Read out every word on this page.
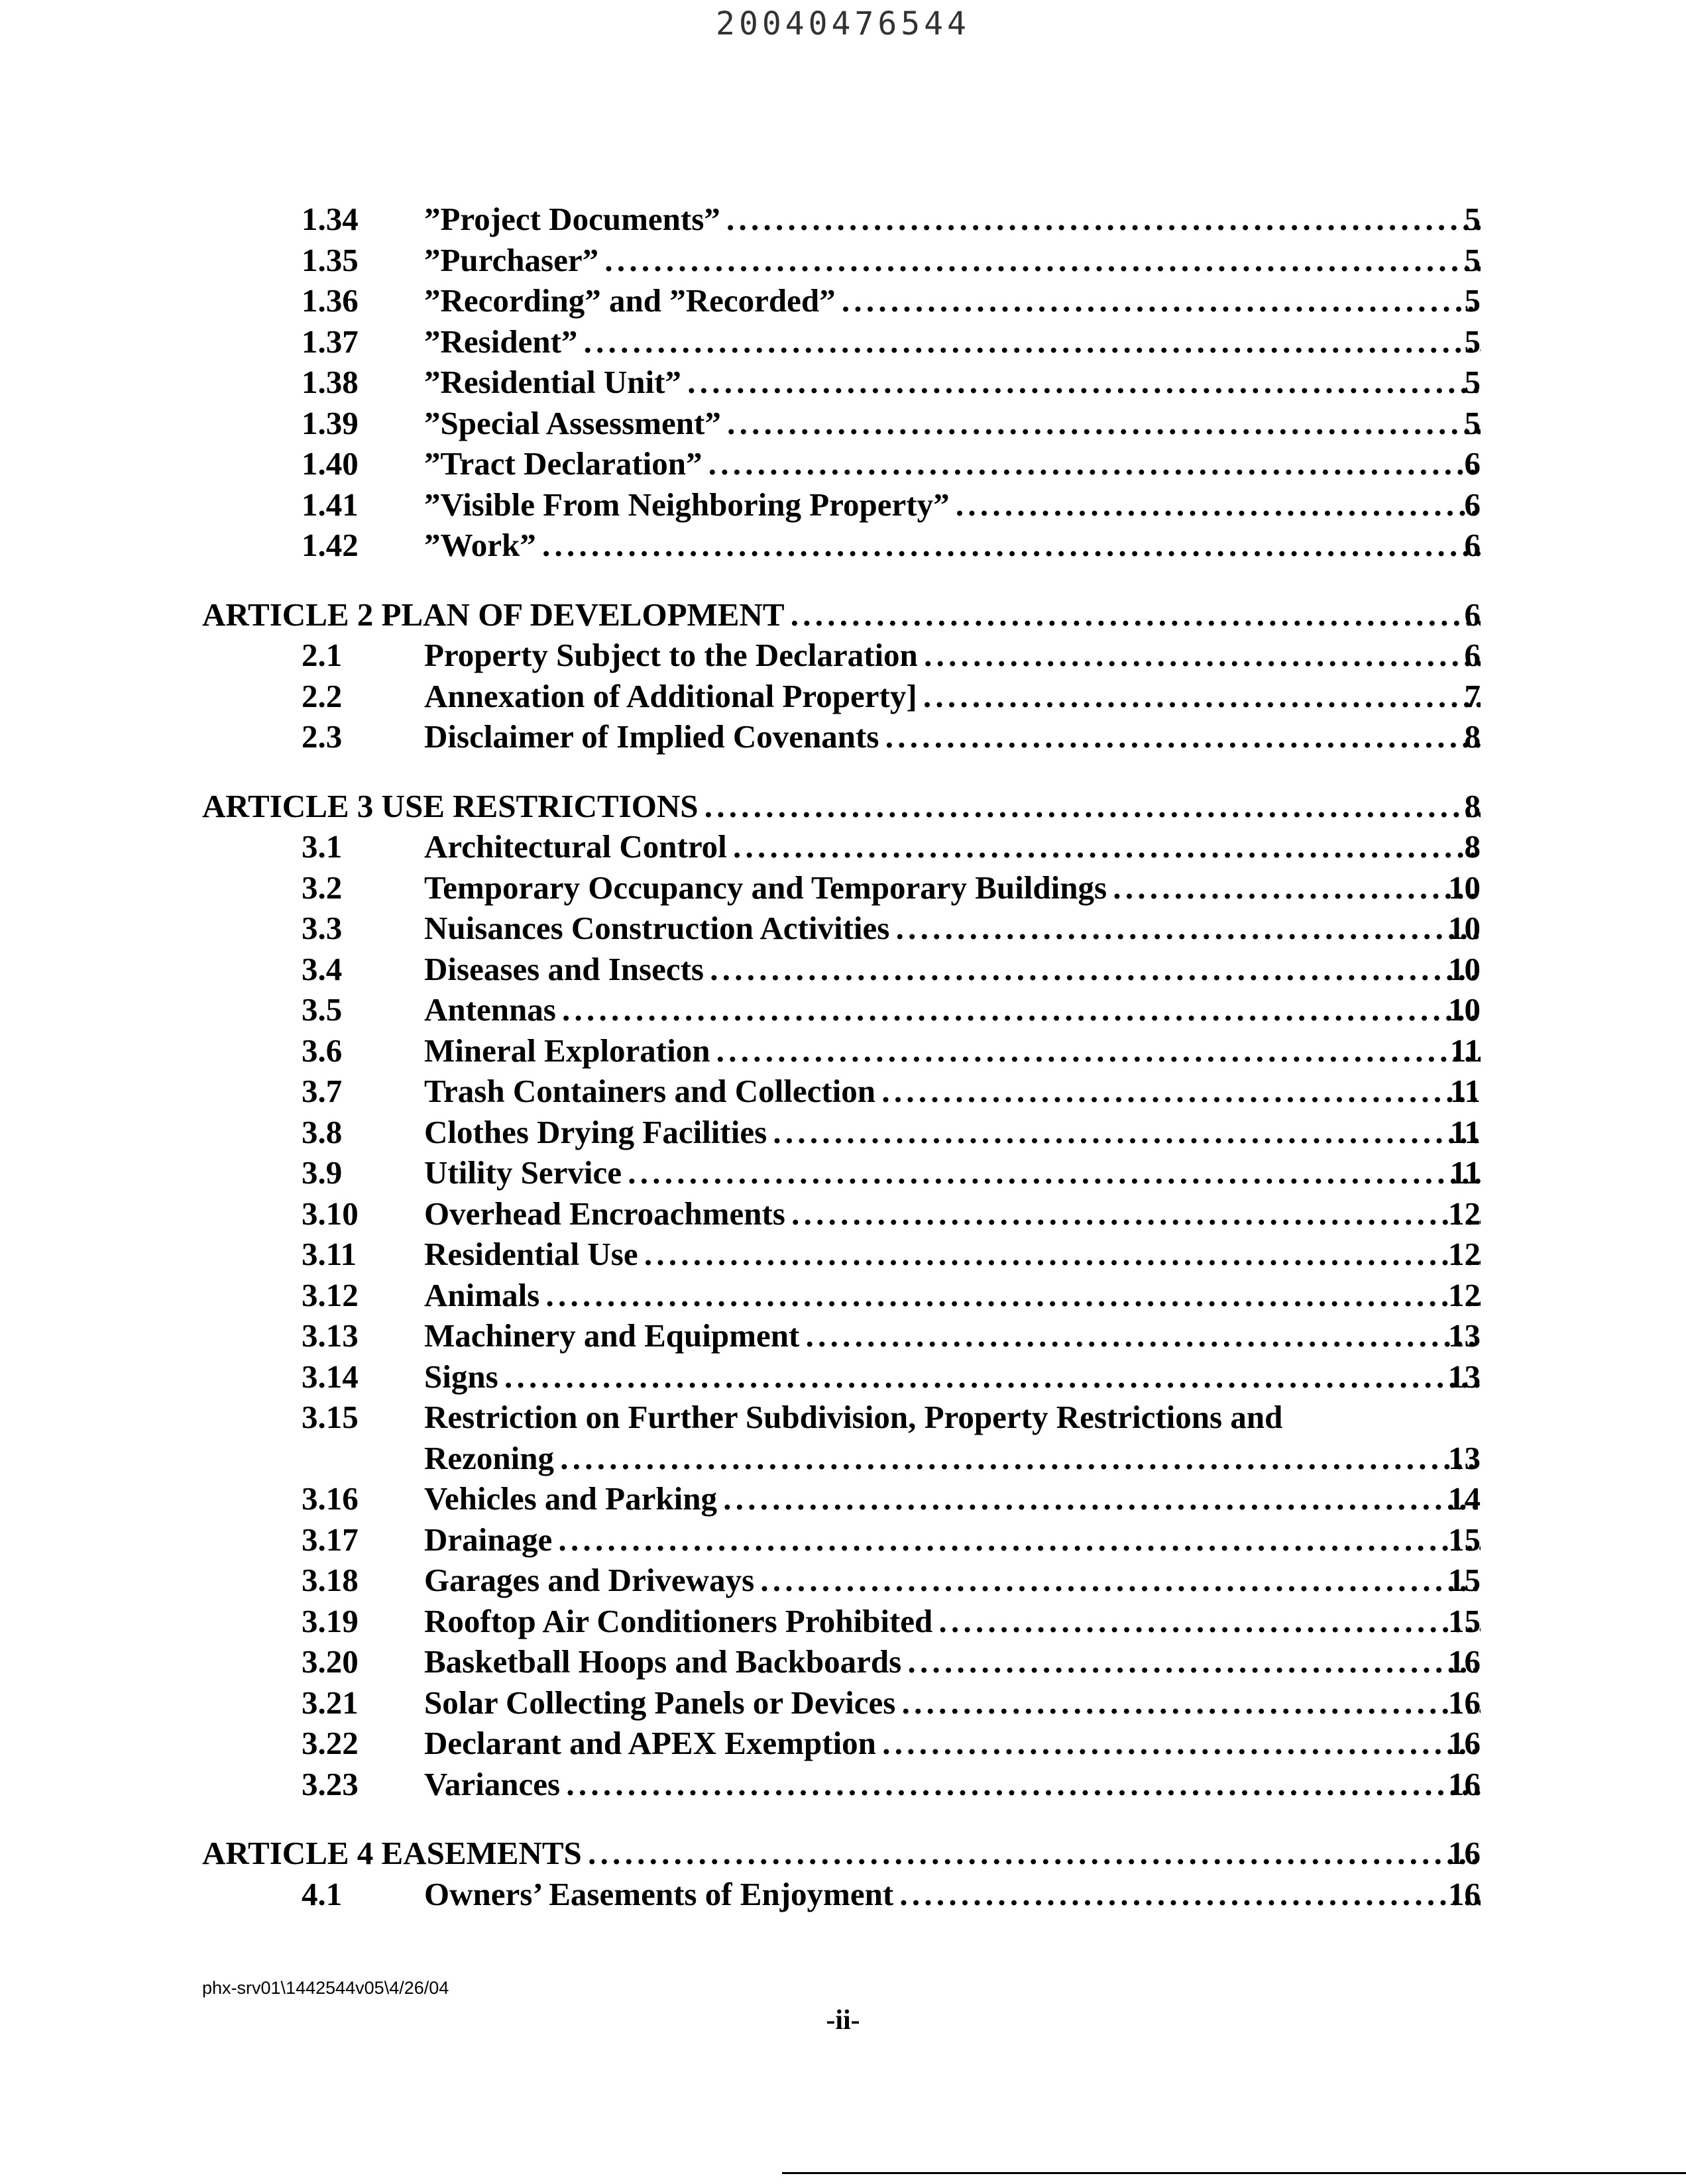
20040476544
1.34 ”Project Documents” . . .	5
1.35 ”Purchaser” . . .	5
1.36 ”Recording” and ”Recorded” . . .	5
1.37 ”Resident” . . .	5
1.38 ”Residential Unit” . . .	5
1.39 ”Special Assessment” . . .	5
1.40 ”Tract Declaration” . . .	6
1.41 ”Visible From Neighboring Property” . . .	6
1.42 ”Work” . . .	6
ARTICLE 2 PLAN OF DEVELOPMENT . . .	6
2.1	Property Subject to the Declaration . . .	6
2.2	Annexation of Additional Property] . . .	7
2.3	Disclaimer of Implied Covenants . . .	8
ARTICLE 3 USE RESTRICTIONS . . .	8
3.1	Architectural Control . . .	8
3.2	Temporary Occupancy and Temporary Buildings . . .	10
3.3	Nuisances Construction Activities . . .	10
3.4	Diseases and Insects . . .	10
3.5	Antennas . . .	10
3.6	Mineral Exploration . . .	11
3.7	Trash Containers and Collection . . .	11
3.8	Clothes Drying Facilities . . .	11
3.9	Utility Service . . .	11
3.10 Overhead Encroachments . . .	12
3.11 Residential Use . . .	12
3.12 Animals . . .	12
3.13 Machinery and Equipment . . .	13
3.14 Signs . . .	13
3.15 Restriction on Further Subdivision, Property Restrictions and
Rezoning . . .	13
3.16 Vehicles and Parking . . .	14
3.17 Drainage . . .	15
3.18 Garages and Driveways . . .	15
3.19 Rooftop Air Conditioners Prohibited . . .	15
3.20 Basketball Hoops and Backboards . . .	16
3.21 Solar Collecting Panels or Devices . . .	16
3.22 Declarant and APEX Exemption . . .	16
3.23 Variances . . .	16
ARTICLE 4 EASEMENTS . . .	16
4.1	Owners’ Easements of Enjoyment . . .	16
phx-srv01\1442544v05\4/26/04
-ii-
